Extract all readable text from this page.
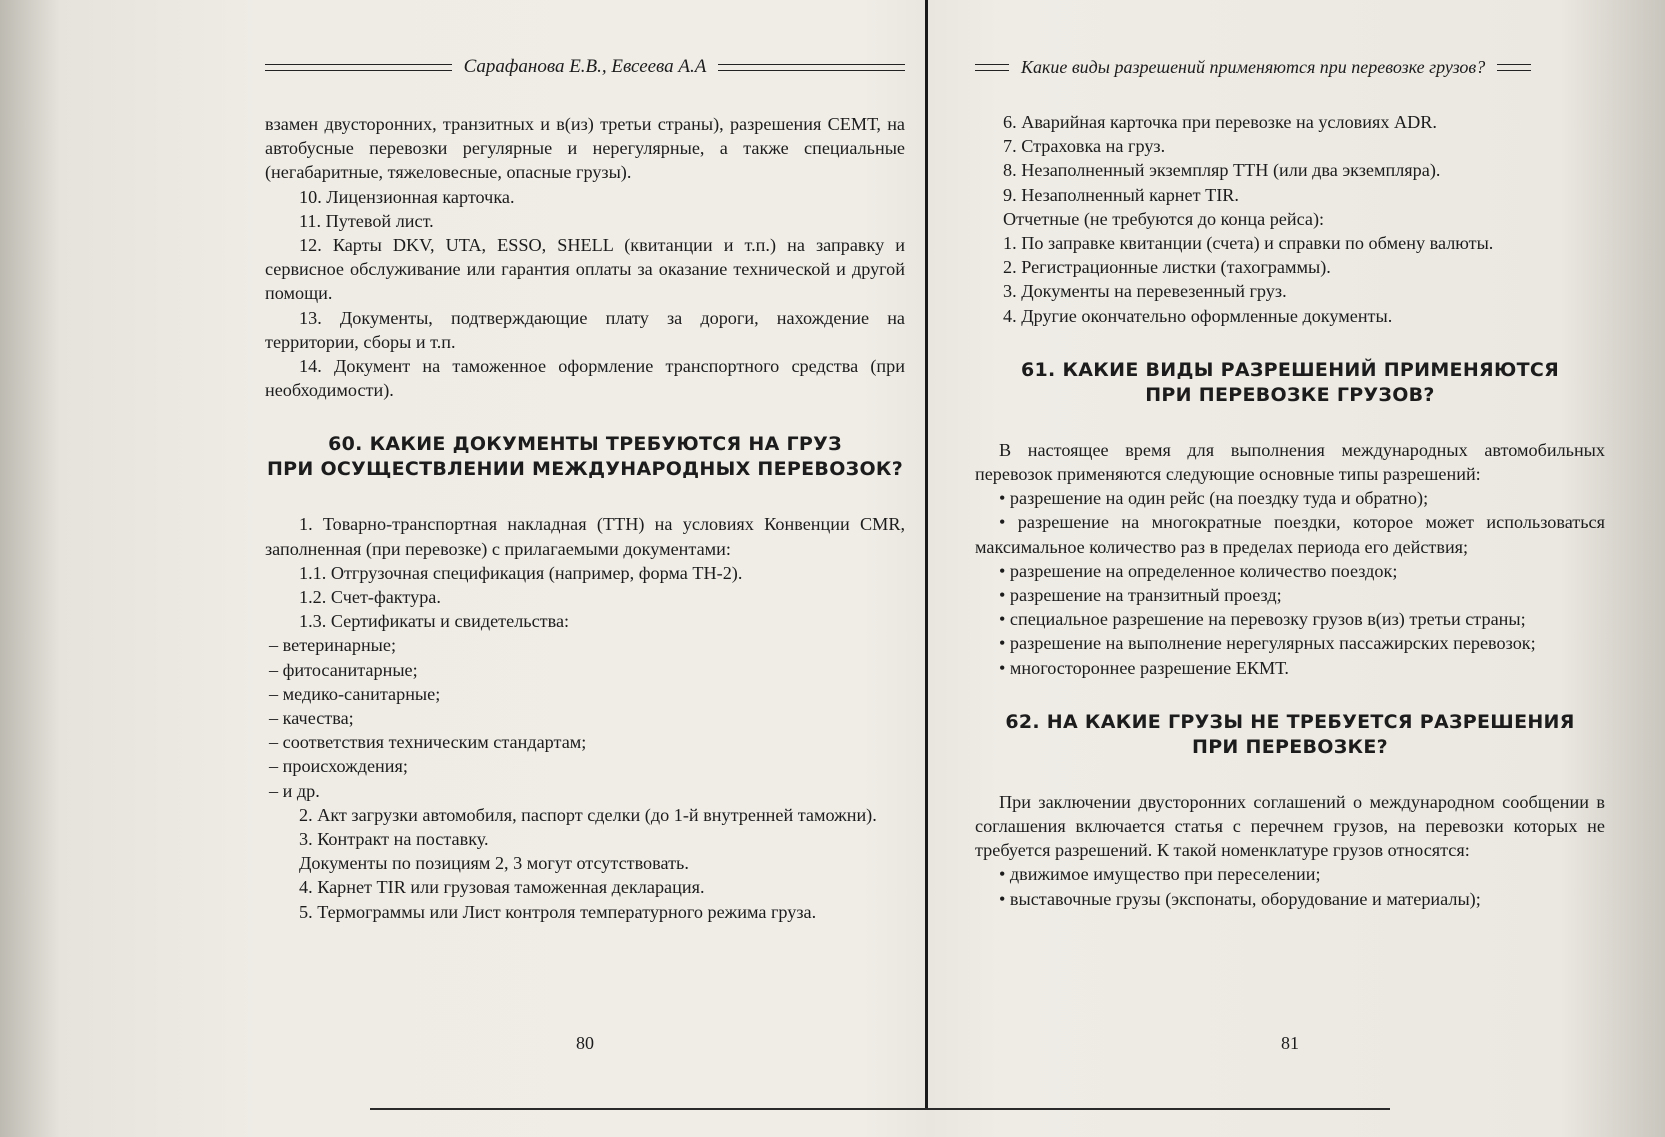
Сарафанова Е.В., Евсеева А.А

взамен двусторонних, транзитных и в(из) третьи страны), разрешения СЕМТ, на автобусные перевозки регулярные и нерегулярные, а также специальные (негабаритные, тяжеловесные, опасные грузы).

10. Лицензионная карточка.

11. Путевой лист.

12. Карты DKV, UTA, ESSO, SHELL (квитанции и т.п.) на заправку и сервисное обслуживание или гарантия оплаты за оказание технической и другой помощи.

13. Документы, подтверждающие плату за дороги, нахождение на территории, сборы и т.п.

14. Документ на таможенное оформление транспортного средства (при необходимости).

60. КАКИЕ ДОКУМЕНТЫ ТРЕБУЮТСЯ НА ГРУЗ
ПРИ ОСУЩЕСТВЛЕНИИ МЕЖДУНАРОДНЫХ ПЕРЕВОЗОК?

1. Товарно-транспортная накладная (ТТН) на условиях Конвенции CMR, заполненная (при перевозке) с прилагаемыми документами:

1.1. Отгрузочная спецификация (например, форма ТН-2).

1.2. Счет-фактура.

1.3. Сертификаты и свидетельства:

– ветеринарные;

– фитосанитарные;

– медико-санитарные;

– качества;

– соответствия техническим стандартам;

– происхождения;

– и др.

2. Акт загрузки автомобиля, паспорт сделки (до 1-й внутренней таможни).

3. Контракт на поставку.

Документы по позициям 2, 3 могут отсутствовать.

4. Карнет TIR или грузовая таможенная декларация.

5. Термограммы или Лист контроля температурного режима груза.

80
Какие виды разрешений применяются при перевозке грузов?

6. Аварийная карточка при перевозке на условиях ADR.

7. Страховка на груз.

8. Незаполненный экземпляр ТТН (или два экземпляра).

9. Незаполненный карнет TIR.

Отчетные (не требуются до конца рейса):

1. По заправке квитанции (счета) и справки по обмену валюты.

2. Регистрационные листки (тахограммы).

3. Документы на перевезенный груз.

4. Другие окончательно оформленные документы.

61. КАКИЕ ВИДЫ РАЗРЕШЕНИЙ ПРИМЕНЯЮТСЯ
ПРИ ПЕРЕВОЗКЕ ГРУЗОВ?

В настоящее время для выполнения международных автомобильных перевозок применяются следующие основные типы разрешений:

• разрешение на один рейс (на поездку туда и обратно);

• разрешение на многократные поездки, которое может использоваться максимальное количество раз в пределах периода его действия;

• разрешение на определенное количество поездок;

• разрешение на транзитный проезд;

• специальное разрешение на перевозку грузов в(из) третьи страны;

• разрешение на выполнение нерегулярных пассажирских перевозок;

• многостороннее разрешение ЕКМТ.

62. НА КАКИЕ ГРУЗЫ НЕ ТРЕБУЕТСЯ РАЗРЕШЕНИЯ
ПРИ ПЕРЕВОЗКЕ?

При заключении двусторонних соглашений о международном сообщении в соглашения включается статья с перечнем грузов, на перевозки которых не требуется разрешений. К такой номенклатуре грузов относятся:

• движимое имущество при переселении;

• выставочные грузы (экспонаты, оборудование и материалы);

81
